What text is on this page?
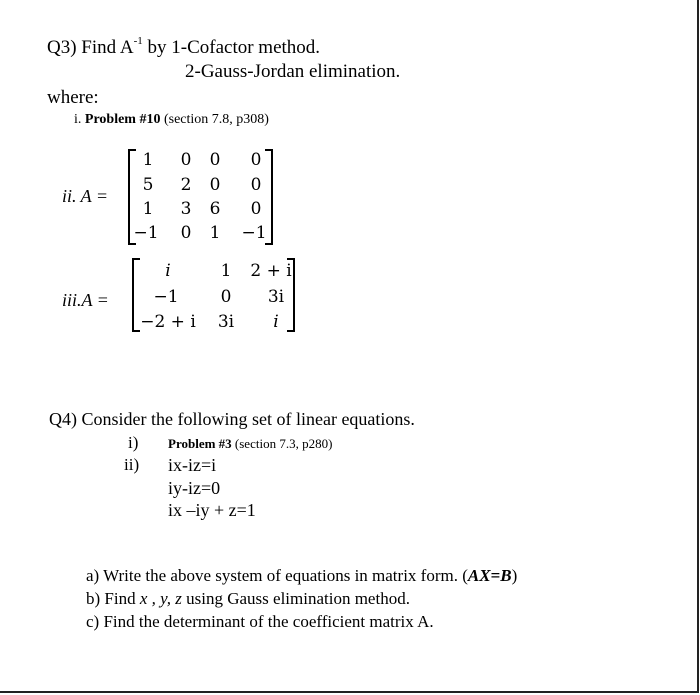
Q3) Find $A^{-1}$ by 1-Cofactor method.
2-Gauss-Jordan elimination.
where:
i. Problem #10 (section 7.8, p308)
ii. A =
1	0	0	0
5	2	0	0
1	3	6	0
−1	0	1	−1
iii.A =
i	1	2 + i
−1	0	3i
−2 + i	3i	i
Q4) Consider the following set of linear equations.
i) Problem #3 (section 7.3, p280)
ii) ix-iz=i
iy-iz=0
ix –iy + z=1
a) Write the above system of equations in matrix form. (AX=B)
b) Find x , y, z using Gauss elimination method.
c) Find the determinant of the coefficient matrix A.
